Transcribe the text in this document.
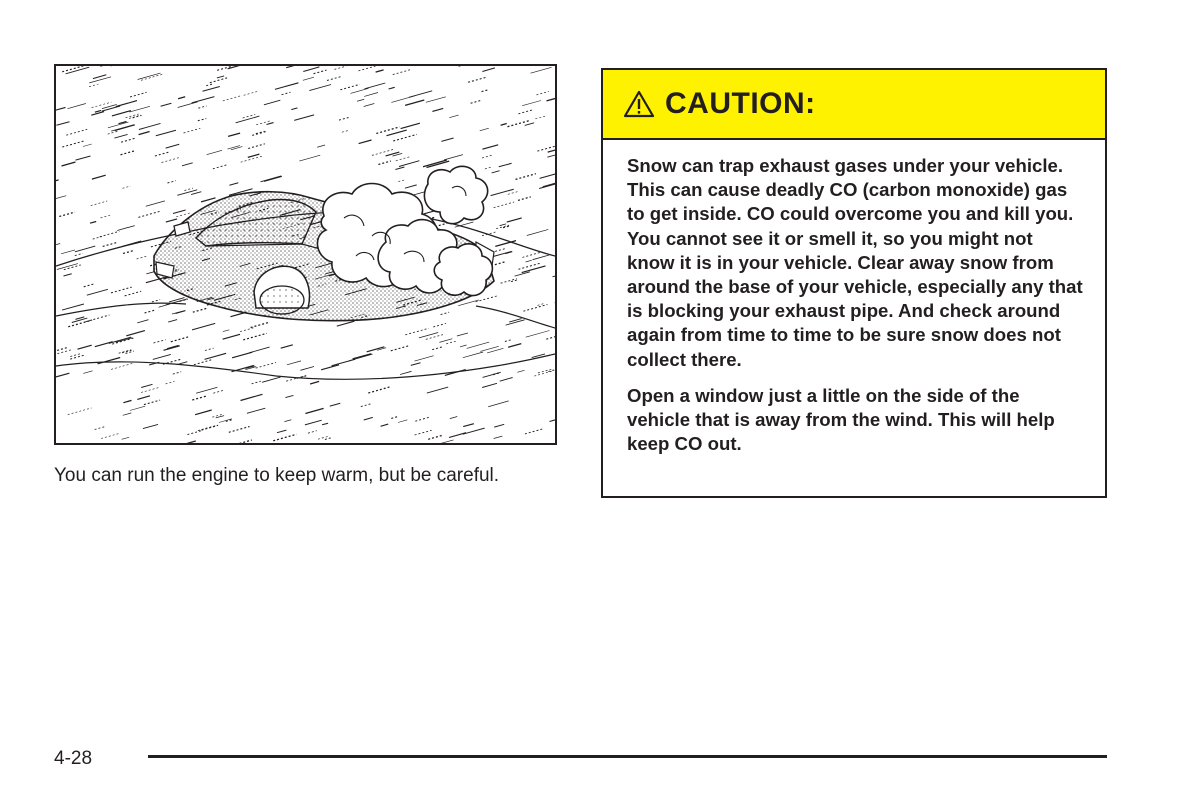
You can run the engine to keep warm, but be careful.
CAUTION:

Snow can trap exhaust gases under your vehicle. This can cause deadly CO (carbon monoxide) gas to get inside. CO could overcome you and kill you. You cannot see it or smell it, so you might not know it is in your vehicle. Clear away snow from around the base of your vehicle, especially any that is blocking your exhaust pipe. And check around again from time to time to be sure snow does not collect there.

Open a window just a little on the side of the vehicle that is away from the wind. This will help keep CO out.

4-28
